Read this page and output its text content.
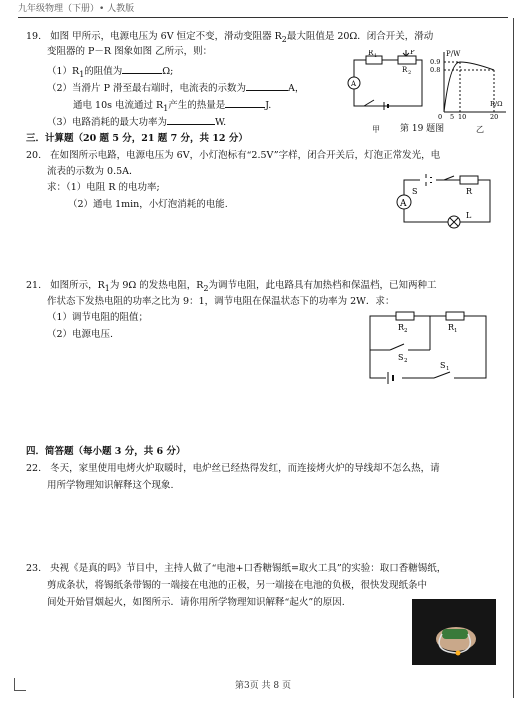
九年级物理（下册）• 人教版
19. 如图 甲所示，电源电压为 6V 恒定不变，滑动变阻器 $R_2$最大阻值是 20Ω．闭合开关，滑动
变阻器的 P－R 图象如图 乙所示，则：
$(1)R_1$的阻值为	Ω;
（2）当滑片 P 滑至最右端时，电流表的示数为	A，
通电 10s 电流通过 $R_1$产生的热量是	J.
（3）电路消耗的最大功率为	W.
R 1	P
R 2
A
P/W
0.9
0.8
0 5 10	20
R/Ω
甲 第 19 题图	乙
三．计算题（20 题 5 分，21 题 7 分，共 12 分）
20. 在如图所示电路，电源电压为 6V，小灯泡标有“2.5V”字样，闭合开关后，灯泡正常发光，电
流表的示数为 0.5A．
求：（1）电阻 R 的电功率;
（2）通电 1min，小灯泡消耗的电能.	A
S	R
L
21. 如图所示，$R_1$为 9Ω 的发热电阻，$R_2$为调节电阻，此电路具有加热档和保温档，已知两种工
作状态下发热电阻的功率之比为 9：1，调节电阻在保温状态下的功率为 2W．求：
（1）调节电阻的阻值；
（2）电源电压.
R 2	R 1
S 2	S 1
四．简答题（每小题 3 分，共 6 分）
22. 冬天，家里使用电烤火炉取暖时，电炉丝已经热得发红，而连接烤火炉的导线却不怎么热，请
用所学物理知识解释这个现象.
23. 央视《是真的吗》节目中，主持人做了“电池+口香糖锡纸=取火工具”的实验：取口香糖锡纸，
剪成条状，将锡纸条带锡的一端接在电池的正极，另一端接在电池的负极，很快发现纸条中
间处开始冒烟起火，如图所示．请你用所学物理知识解释“起火”的原因.
第3页 共 8 页
